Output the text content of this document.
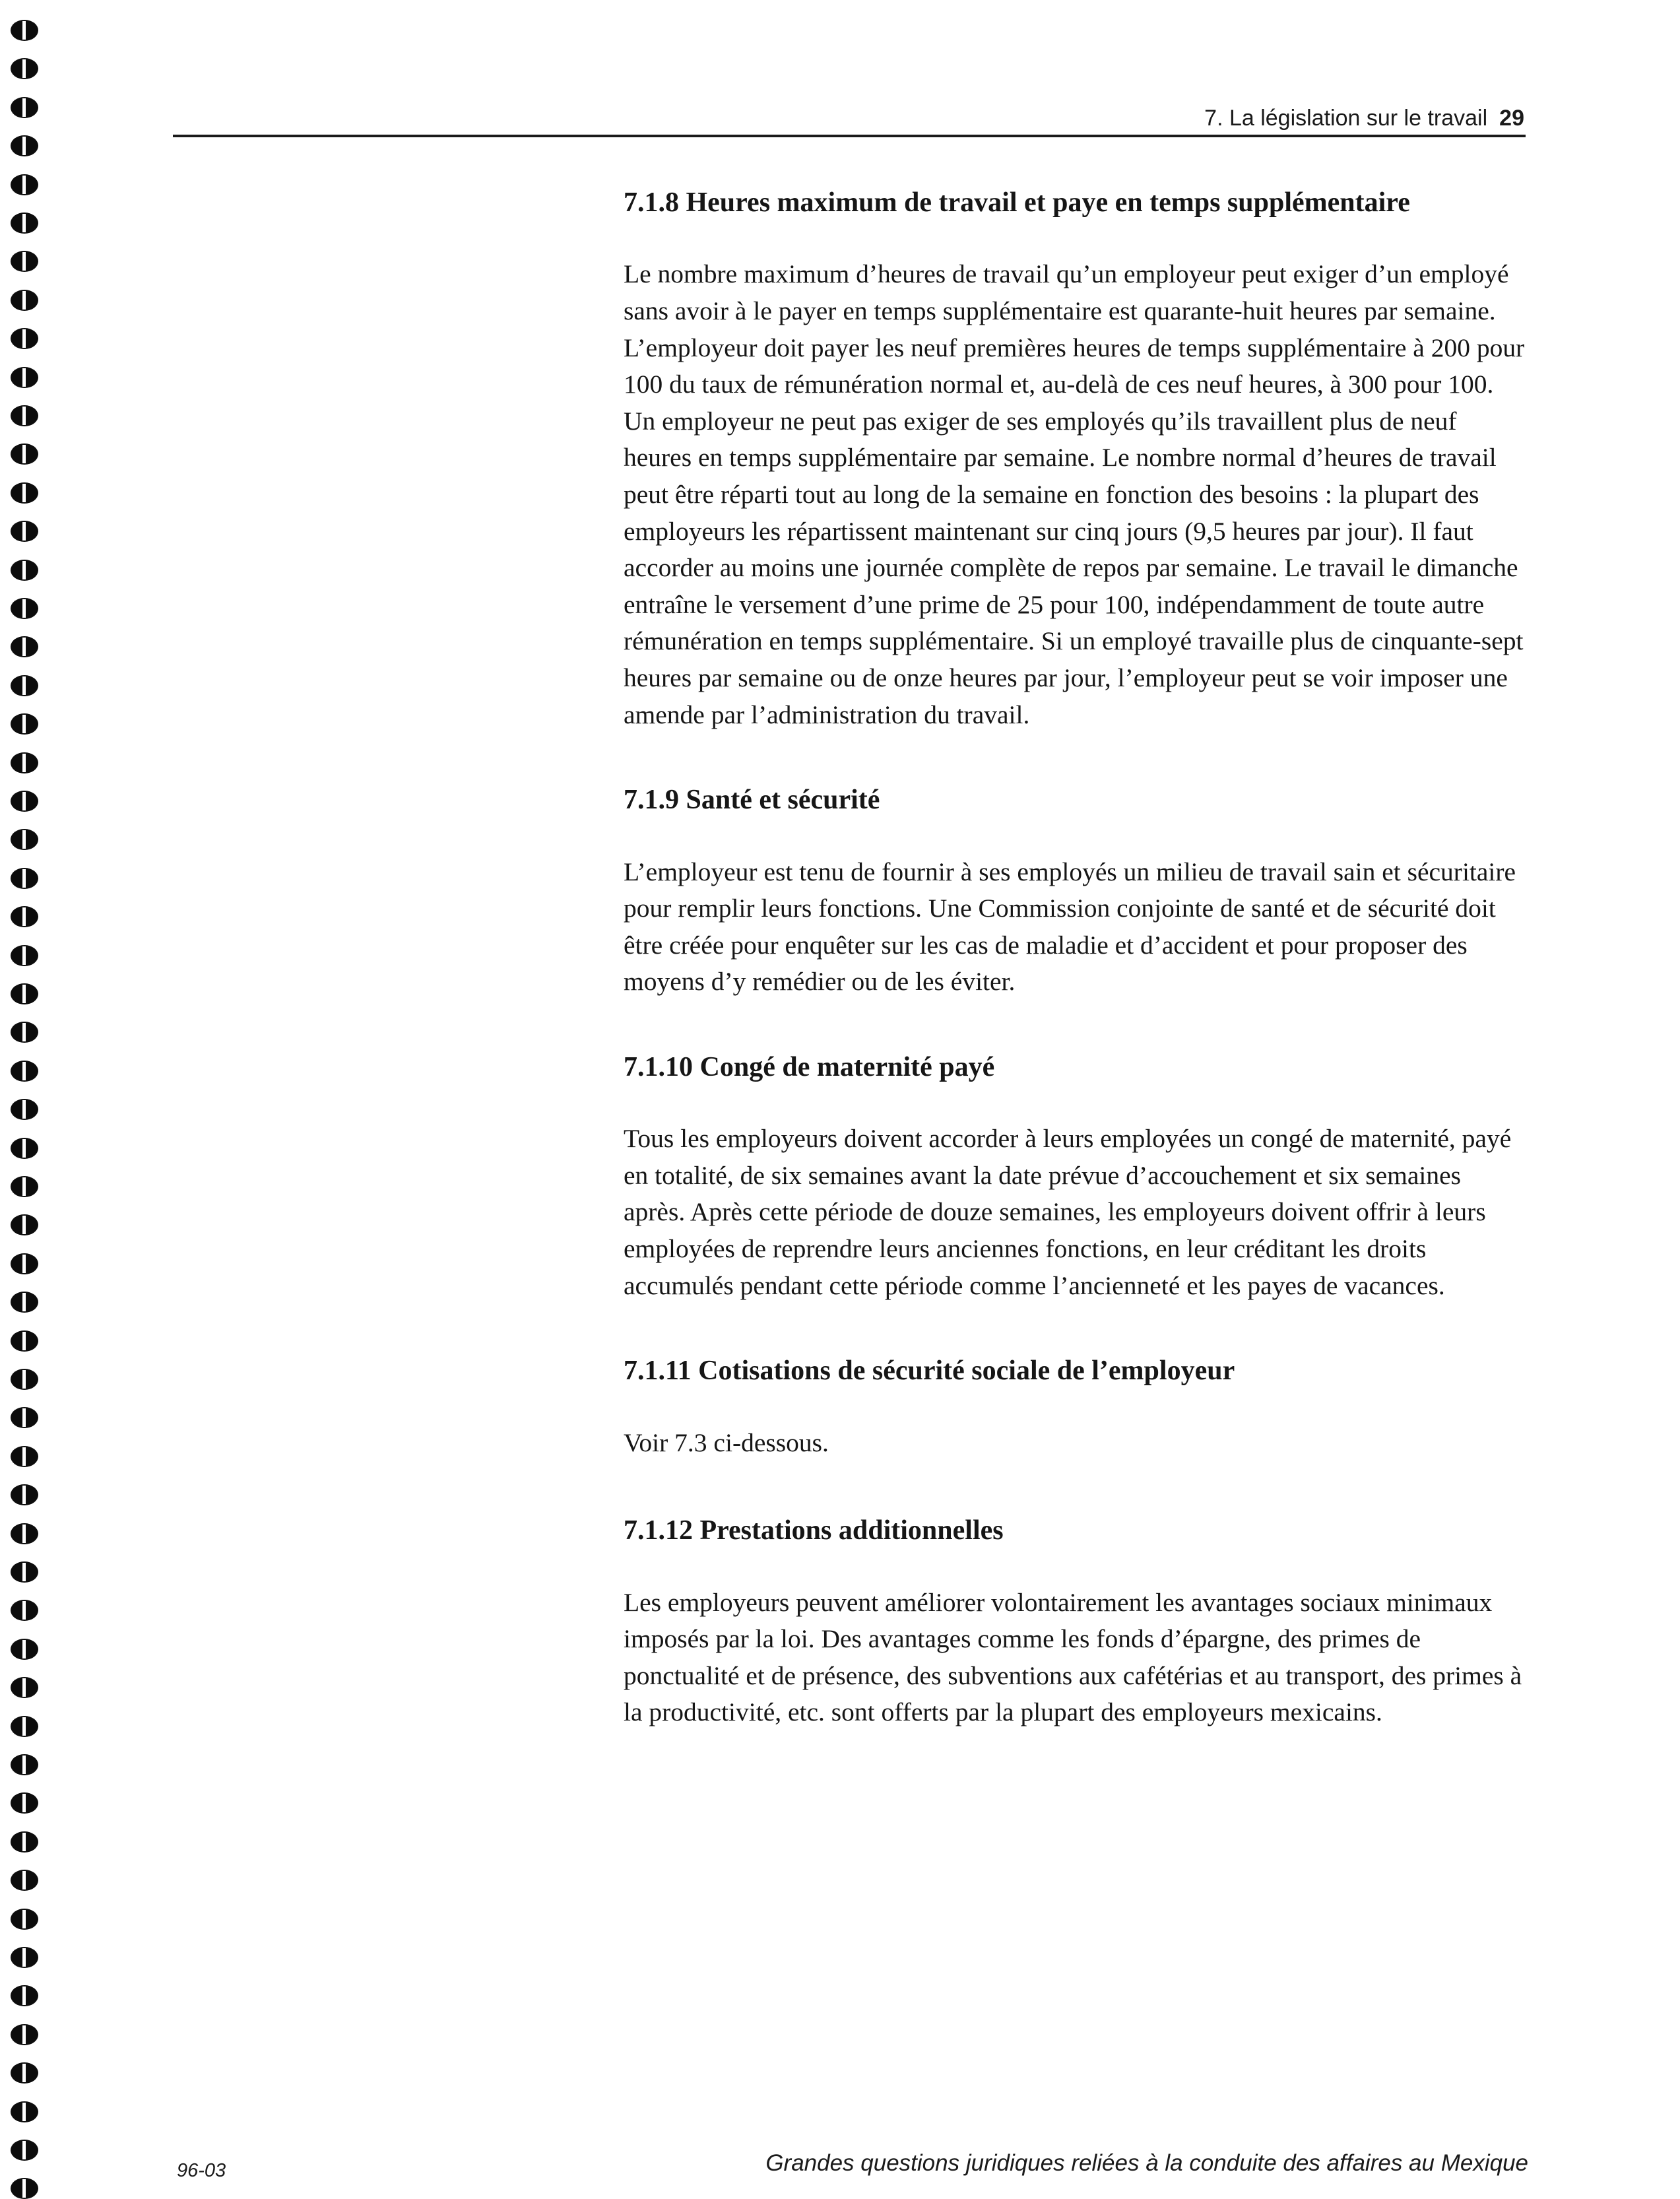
7. La législation sur le travail 29
7.1.8 Heures maximum de travail et paye en temps supplémentaire

Le nombre maximum d’heures de travail qu’un employeur peut exiger d’un employé sans avoir à le payer en temps supplémentaire est quarante-huit heures par semaine. L’employeur doit payer les neuf premières heures de temps supplémentaire à 200 pour 100 du taux de rémunération normal et, au-delà de ces neuf heures, à 300 pour 100. Un employeur ne peut pas exiger de ses employés qu’ils travaillent plus de neuf heures en temps supplémentaire par semaine. Le nombre normal d’heures de travail peut être réparti tout au long de la semaine en fonction des besoins : la plupart des employeurs les répartissent maintenant sur cinq jours (9,5 heures par jour). Il faut accorder au moins une journée complète de repos par semaine. Le travail le dimanche entraîne le versement d’une prime de 25 pour 100, indépendamment de toute autre rémunération en temps supplémentaire. Si un employé travaille plus de cinquante-sept heures par semaine ou de onze heures par jour, l’employeur peut se voir imposer une amende par l’administration du travail.

7.1.9 Santé et sécurité

L’employeur est tenu de fournir à ses employés un milieu de travail sain et sécuritaire pour remplir leurs fonctions. Une Commission conjointe de santé et de sécurité doit être créée pour enquêter sur les cas de maladie et d’accident et pour proposer des moyens d’y remédier ou de les éviter.

7.1.10 Congé de maternité payé

Tous les employeurs doivent accorder à leurs employées un congé de maternité, payé en totalité, de six semaines avant la date prévue d’accouchement et six semaines après. Après cette période de douze semaines, les employeurs doivent offrir à leurs employées de reprendre leurs anciennes fonctions, en leur créditant les droits accumulés pendant cette période comme l’ancienneté et les payes de vacances.

7.1.11 Cotisations de sécurité sociale de l’employeur

Voir 7.3 ci-dessous.

7.1.12 Prestations additionnelles

Les employeurs peuvent améliorer volontairement les avantages sociaux minimaux imposés par la loi. Des avantages comme les fonds d’épargne, des primes de ponctualité et de présence, des subventions aux cafétérias et au transport, des primes à la productivité, etc. sont offerts par la plupart des employeurs mexicains.

96-03	Grandes questions juridiques reliées à la conduite des affaires au Mexique
